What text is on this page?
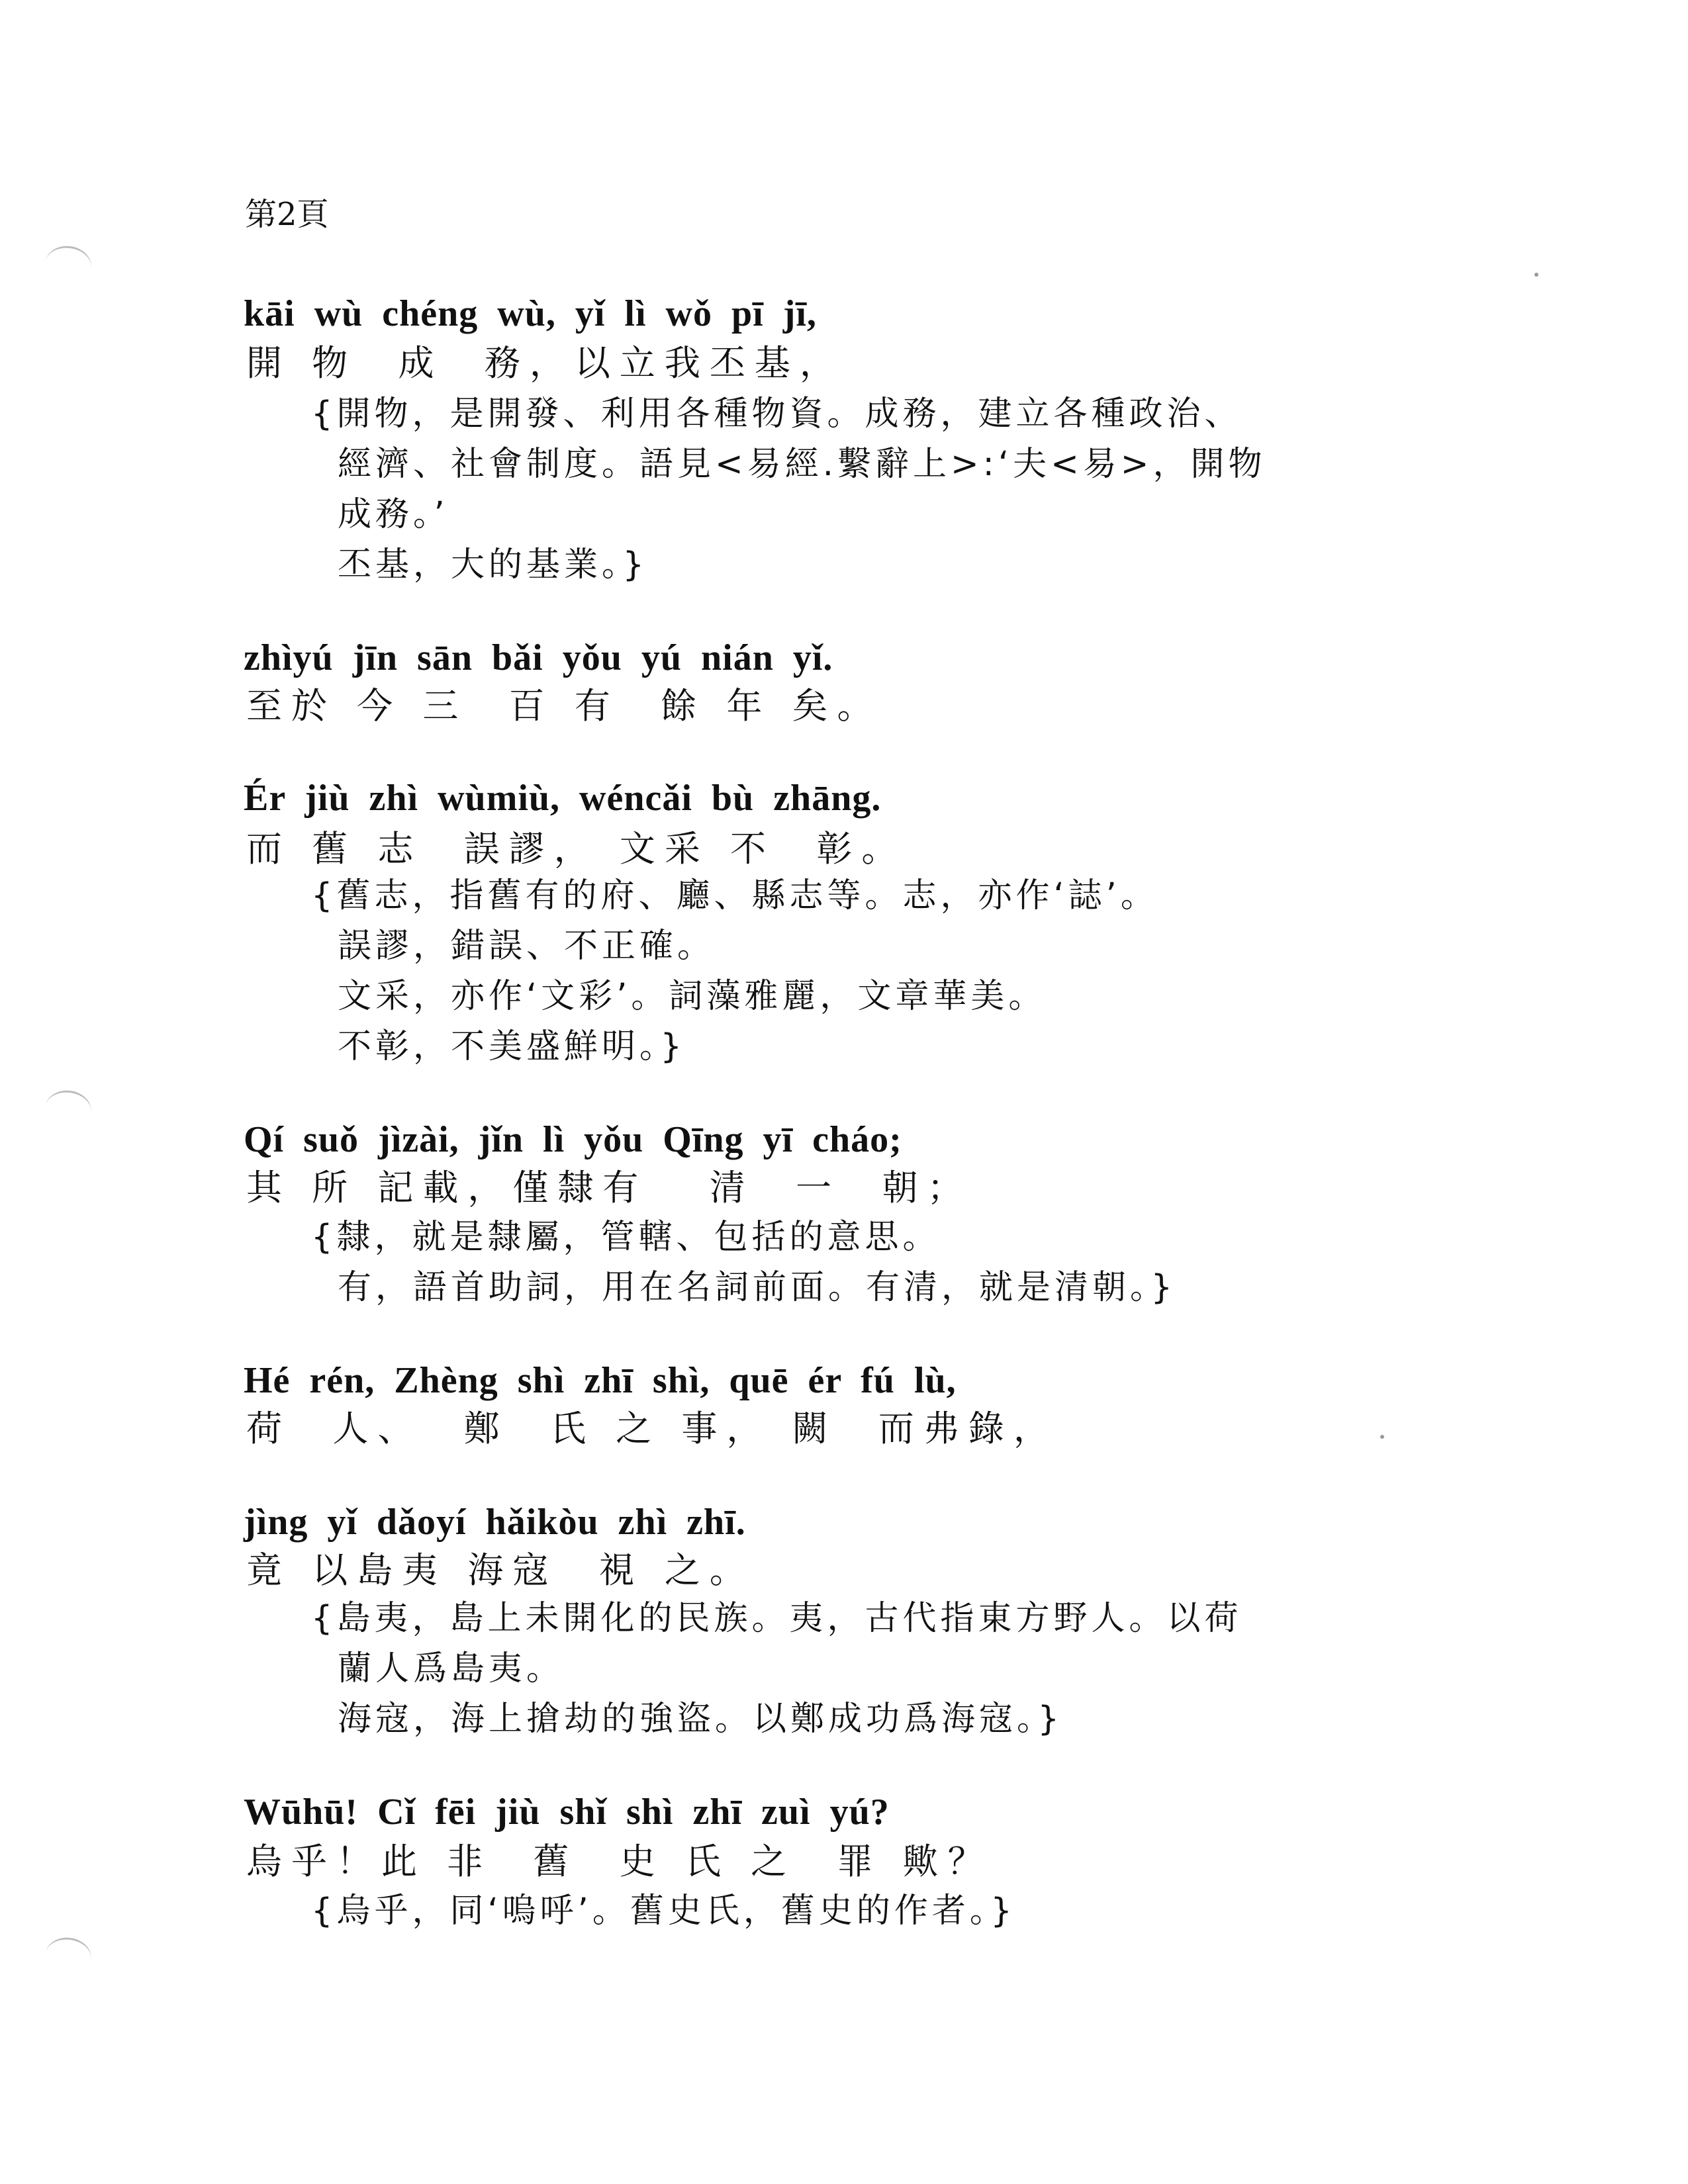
第2頁
kāi wù chéng wù, yǐ lì wǒ pī jī,
開 物  成  務，以立我丕基，
{開物，是開發、利用各種物資。成務，建立各種政治、
經濟、社會制度。語見<易經.繫辭上>:‘夫<易>，開物
成務。’
丕基，大的基業。}
zhìyú jīn sān bǎi yǒu yú nián yǐ.
至於 今 三  百 有  餘 年 矣。
Ér jiù zhì wùmiù, wéncǎi bù zhāng.
而 舊 志  誤謬， 文采 不  彰。
{舊志，指舊有的府、廳、縣志等。志，亦作‘誌’。
誤謬，錯誤、不正確。
文采，亦作‘文彩’。詞藻雅麗，文章華美。
不彰，不美盛鮮明。}
Qí suǒ jìzài, jǐn lì yǒu Qīng yī cháo;
其 所 記載，僅隸有   清  一  朝；
{隸，就是隸屬，管轄、包括的意思。
有，語首助詞，用在名詞前面。有清，就是清朝。}
Hé rén, Zhèng shì zhī shì, quē ér fú lù,
荷  人、  鄭  氏 之 事， 闕  而弗錄，
jìng yǐ dǎoyí hǎikòu zhì zhī.
竟 以島夷 海寇  視 之。
{島夷，島上未開化的民族。夷，古代指東方野人。以荷
蘭人爲島夷。
海寇，海上搶劫的強盜。以鄭成功爲海寇。}
Wūhū! Cǐ fēi jiù shǐ shì zhī zuì yú?
烏乎！此 非  舊  史 氏 之  罪 歟？
{烏乎，同‘嗚呼’。舊史氏，舊史的作者。}
